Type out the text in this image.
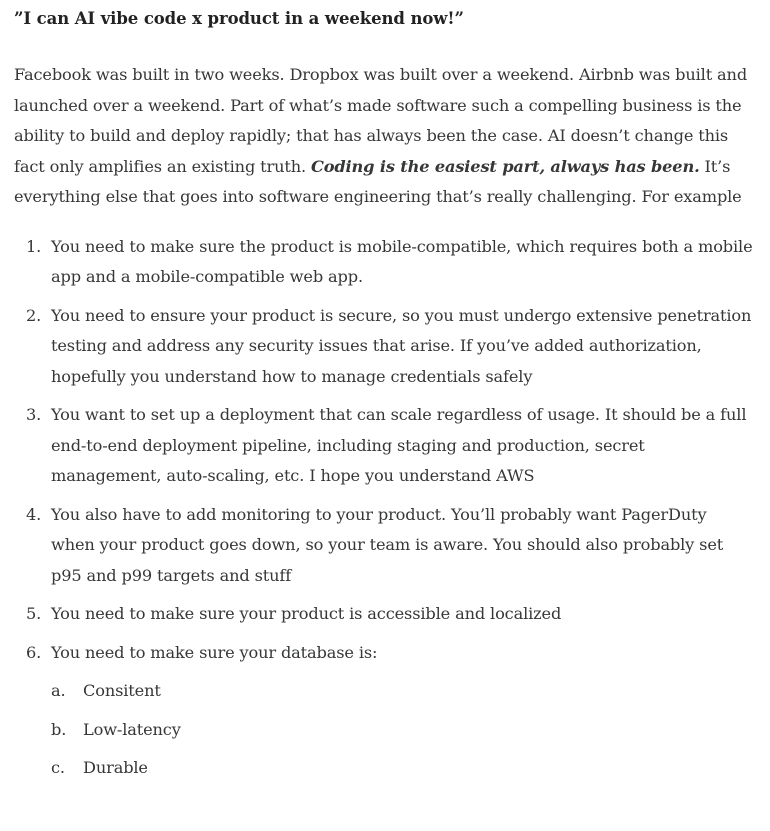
”I can AI vibe code x product in a weekend now!”

Facebook was built in two weeks. Dropbox was built over a weekend. Airbnb was built and launched over a weekend. Part of what’s made software such a compelling business is the ability to build and deploy rapidly; that has always been the case. AI doesn’t change this fact only amplifies an existing truth. Coding is the easiest part, always has been. It’s everything else that goes into software engineering that’s really challenging. For example

1. You need to make sure the product is mobile-compatible, which requires both a mobile app and a mobile-compatible web app.
2. You need to ensure your product is secure, so you must undergo extensive penetration testing and address any security issues that arise. If you’ve added authorization, hopefully you understand how to manage credentials safely
3. You want to set up a deployment that can scale regardless of usage. It should be a full end-to-end deployment pipeline, including staging and production, secret management, auto-scaling, etc. I hope you understand AWS
4. You also have to add monitoring to your product. You’ll probably want PagerDuty when your product goes down, so your team is aware. You should also probably set p95 and p99 targets and stuff
5. You need to make sure your product is accessible and localized
6. You need to make sure your database is:
a. Consitent
b. Low-latency
c. Durable
